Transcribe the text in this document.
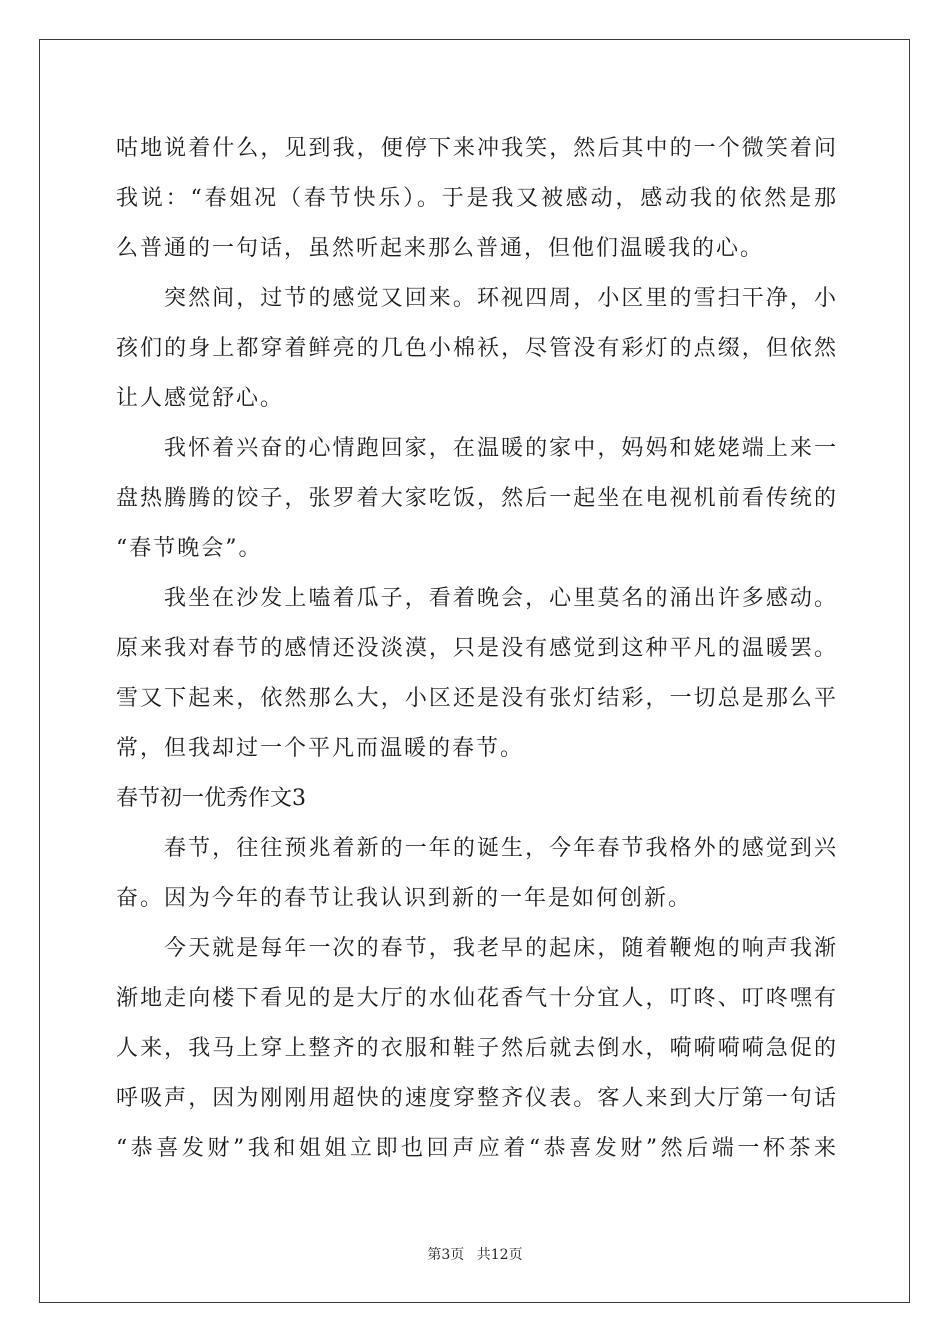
咕地说着什么，见到我，便停下来冲我笑，然后其中的一个微笑着问
我说：“春姐况（春节快乐）。于是我又被感动，感动我的依然是那
么普通的一句话，虽然听起来那么普通，但他们温暖我的心。
突然间，过节的感觉又回来。环视四周，小区里的雪扫干净，小
孩们的身上都穿着鲜亮的几色小棉袄，尽管没有彩灯的点缀，但依然
让人感觉舒心。
我怀着兴奋的心情跑回家，在温暖的家中，妈妈和姥姥端上来一
盘热腾腾的饺子，张罗着大家吃饭，然后一起坐在电视机前看传统的
“春节晚会”。
我坐在沙发上嗑着瓜子，看着晚会，心里莫名的涌出许多感动。
原来我对春节的感情还没淡漠，只是没有感觉到这种平凡的温暖罢。
雪又下起来，依然那么大，小区还是没有张灯结彩，一切总是那么平
常，但我却过一个平凡而温暖的春节。
春节初一优秀作文3
春节，往往预兆着新的一年的诞生，今年春节我格外的感觉到兴
奋。因为今年的春节让我认识到新的一年是如何创新。
今天就是每年一次的春节，我老早的起床，随着鞭炮的响声我渐
渐地走向楼下看见的是大厅的水仙花香气十分宜人，叮咚、叮咚嘿有
人来，我马上穿上整齐的衣服和鞋子然后就去倒水，嗬嗬嗬嗬急促的
呼吸声，因为刚刚用超快的速度穿整齐仪表。客人来到大厅第一句话
“恭喜发财”我和姐姐立即也回声应着“恭喜发财”然后端一杯茶来
第3页 共12页
